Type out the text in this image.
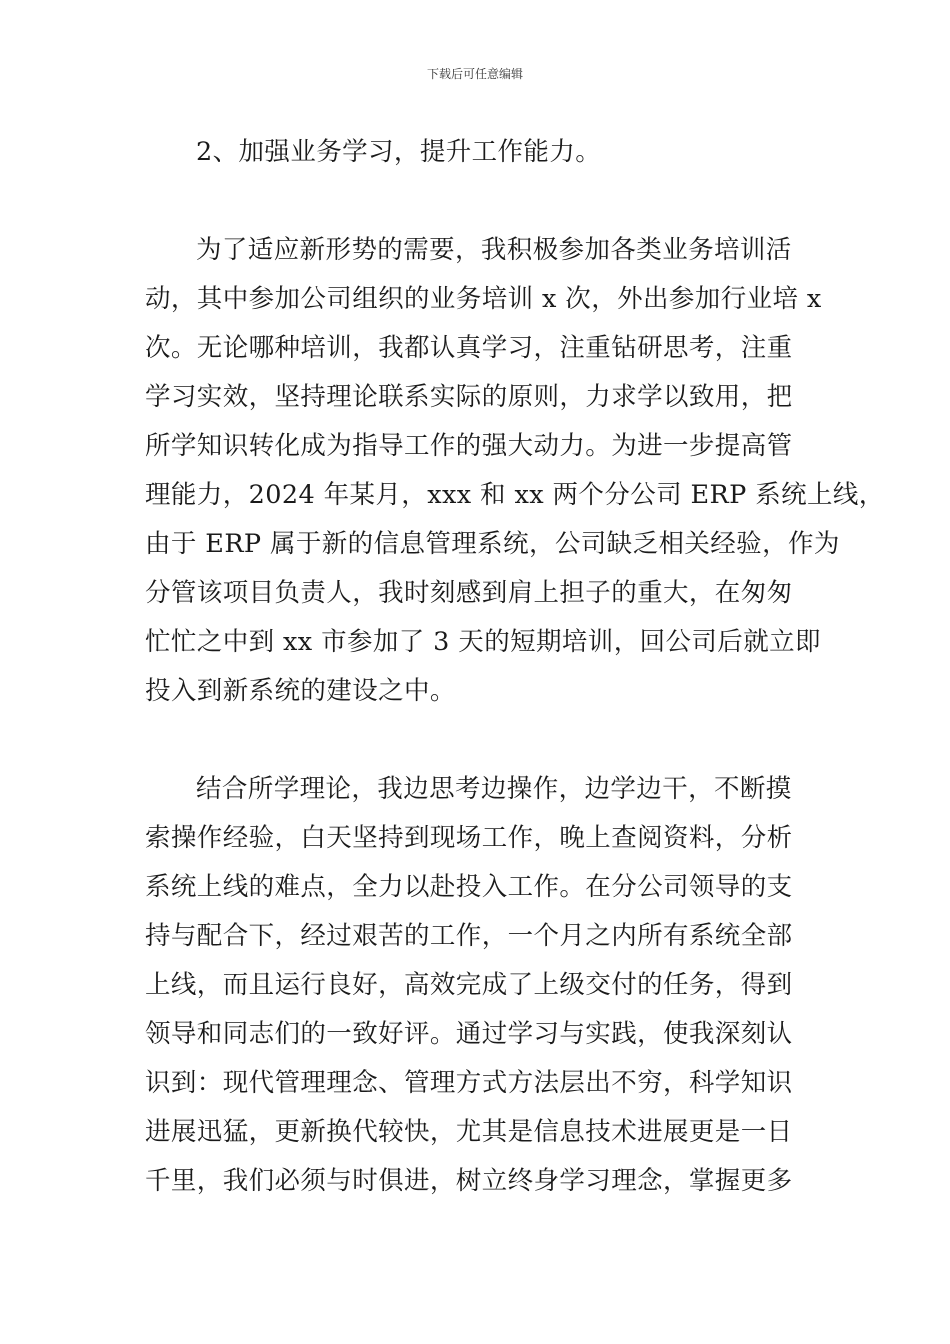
下载后可任意编辑
2、加强业务学习，提升工作能力。
为了适应新形势的需要，我积极参加各类业务培训活
动，其中参加公司组织的业务培训 x 次，外出参加行业培 x
次。无论哪种培训，我都认真学习，注重钻研思考，注重
学习实效，坚持理论联系实际的原则，力求学以致用，把
所学知识转化成为指导工作的强大动力。为进一步提高管
理能力，2024 年某月，xxx 和 xx 两个分公司 ERP 系统上线，
由于 ERP 属于新的信息管理系统，公司缺乏相关经验，作为
分管该项目负责人，我时刻感到肩上担子的重大，在匆匆
忙忙之中到 xx 市参加了 3 天的短期培训，回公司后就立即
投入到新系统的建设之中。
结合所学理论，我边思考边操作，边学边干，不断摸
索操作经验，白天坚持到现场工作，晚上查阅资料，分析
系统上线的难点，全力以赴投入工作。在分公司领导的支
持与配合下，经过艰苦的工作，一个月之内所有系统全部
上线，而且运行良好，高效完成了上级交付的任务，得到
领导和同志们的一致好评。通过学习与实践，使我深刻认
识到：现代管理理念、管理方式方法层出不穷，科学知识
进展迅猛，更新换代较快，尤其是信息技术进展更是一日
千里，我们必须与时俱进，树立终身学习理念，掌握更多
